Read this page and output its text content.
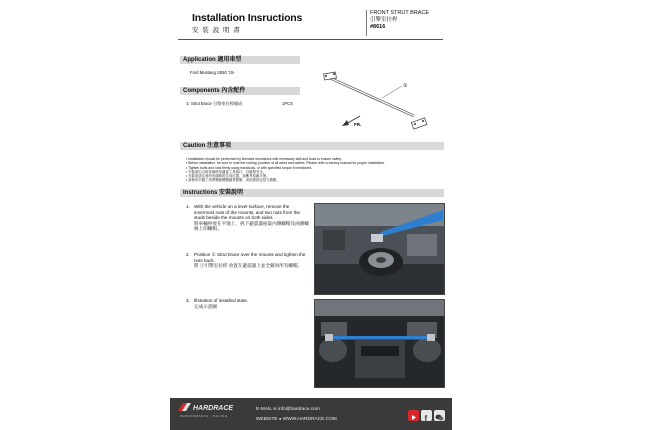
Installation Insructions
安 裝 說 明 書
FRONT STRUT BRACE
引擎室拉桿
#8616
Application 適用車型
Ford Mustang S550 '15-
Components 內含配件
① Strut Brace 引擎室拉桿總成	1PCS
①
FR.
Caution 注意事項
• Installation should be performed by licensed mechanics with necessary skill and tools to ensure safety.
• Before installation, be sure to note the routing, position of all wires and cables. Please refer to factory manual for proper installation.
• Tighten bolts and nuts firmly using handtools, or with specified torque if mentioned.
• 安裝需由合格技師使用適當工具執行，以確保安全。
• 安裝前請注意所有線路的走向位置，請參考原廠手冊。
• 請使用手動工具將螺絲螺帽確實鎖緊，或依照指定扭力鎖緊。
Instructions 安裝說明
1. With the vehicle on a level surface, remove the innermost nuts of the mounts, and two nuts from the studs beside the mounts on both sides.
將車輛停放在平地上，拆下避震器座最內側螺帽及兩側螺絲上的螺帽。
2. Position ① Strut brace over the mounts and tighten the nuts back.
將 ①引擎室拉桿 放置在避震器上並全鎖回所有螺帽。
3. Illstration of installed state.
完成示意圖
HARDRACE
PERFORMANCE · RACING
E-MAIL ✉ info@hardrace.com
WEBSITE ● WWW.HARDRACE.COM	f
